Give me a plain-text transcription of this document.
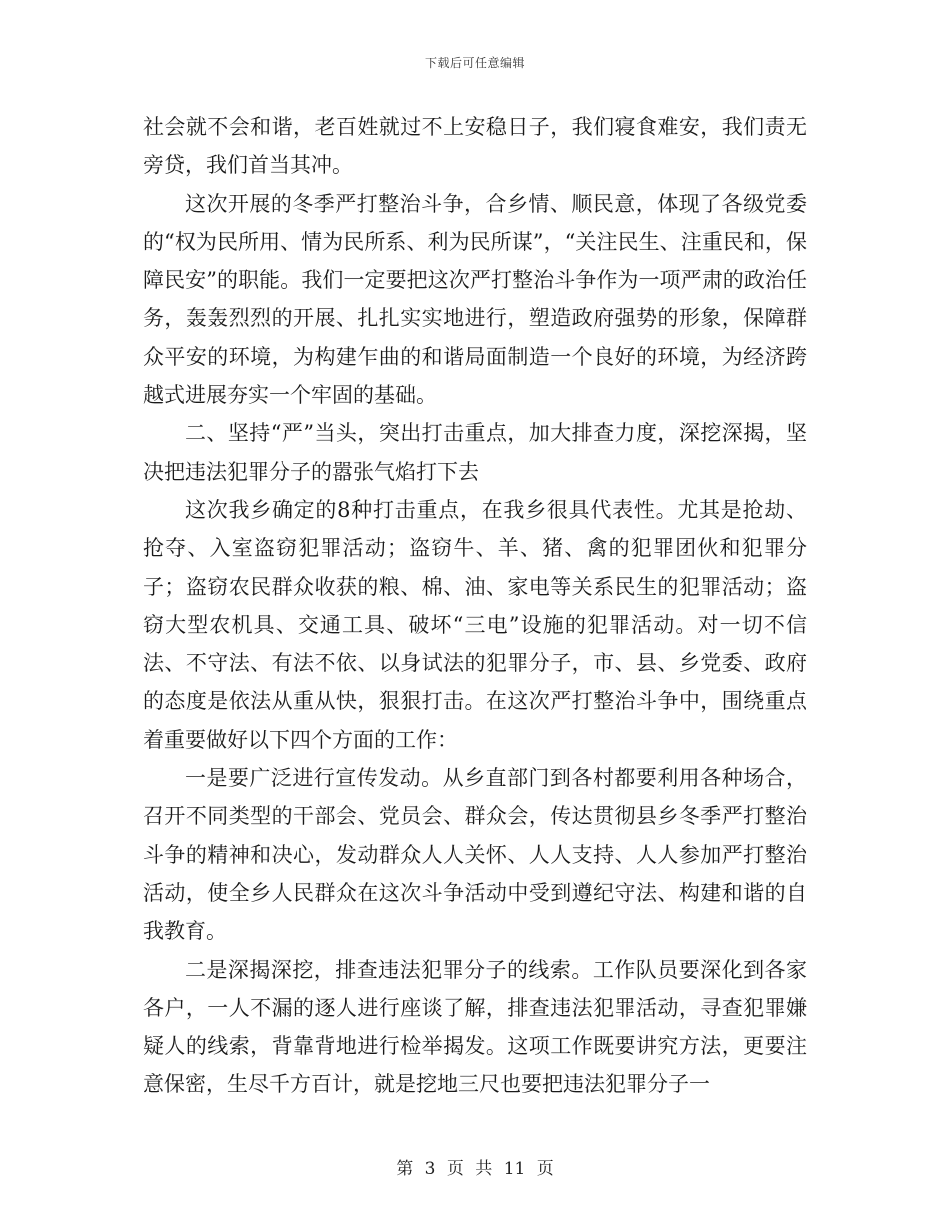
下载后可任意编辑

社会就不会和谐，老百姓就过不上安稳日子，我们寝食难安，我们责无旁贷，我们首当其冲。

这次开展的冬季严打整治斗争，合乡情、顺民意，体现了各级党委的“权为民所用、情为民所系、利为民所谋”，“关注民生、注重民和，保障民安”的职能。我们一定要把这次严打整治斗争作为一项严肃的政治任务，轰轰烈烈的开展、扎扎实实地进行，塑造政府强势的形象，保障群众平安的环境，为构建乍曲的和谐局面制造一个良好的环境，为经济跨越式进展夯实一个牢固的基础。

二、坚持“严”当头，突出打击重点，加大排查力度，深挖深揭，坚决把违法犯罪分子的嚣张气焰打下去

这次我乡确定的8种打击重点，在我乡很具代表性。尤其是抢劫、抢夺、入室盗窃犯罪活动；盗窃牛、羊、猪、禽的犯罪团伙和犯罪分子；盗窃农民群众收获的粮、棉、油、家电等关系民生的犯罪活动；盗窃大型农机具、交通工具、破坏“三电”设施的犯罪活动。对一切不信法、不守法、有法不依、以身试法的犯罪分子，市、县、乡党委、政府的态度是依法从重从快，狠狠打击。在这次严打整治斗争中，围绕重点着重要做好以下四个方面的工作：

一是要广泛进行宣传发动。从乡直部门到各村都要利用各种场合，召开不同类型的干部会、党员会、群众会，传达贯彻县乡冬季严打整治斗争的精神和决心，发动群众人人关怀、人人支持、人人参加严打整治活动，使全乡人民群众在这次斗争活动中受到遵纪守法、构建和谐的自我教育。

二是深揭深挖，排查违法犯罪分子的线索。工作队员要深化到各家各户，一人不漏的逐人进行座谈了解，排查违法犯罪活动，寻查犯罪嫌疑人的线索，背靠背地进行检举揭发。这项工作既要讲究方法，更要注意保密，生尽千方百计，就是挖地三尺也要把违法犯罪分子一

第 3 页 共 11 页
